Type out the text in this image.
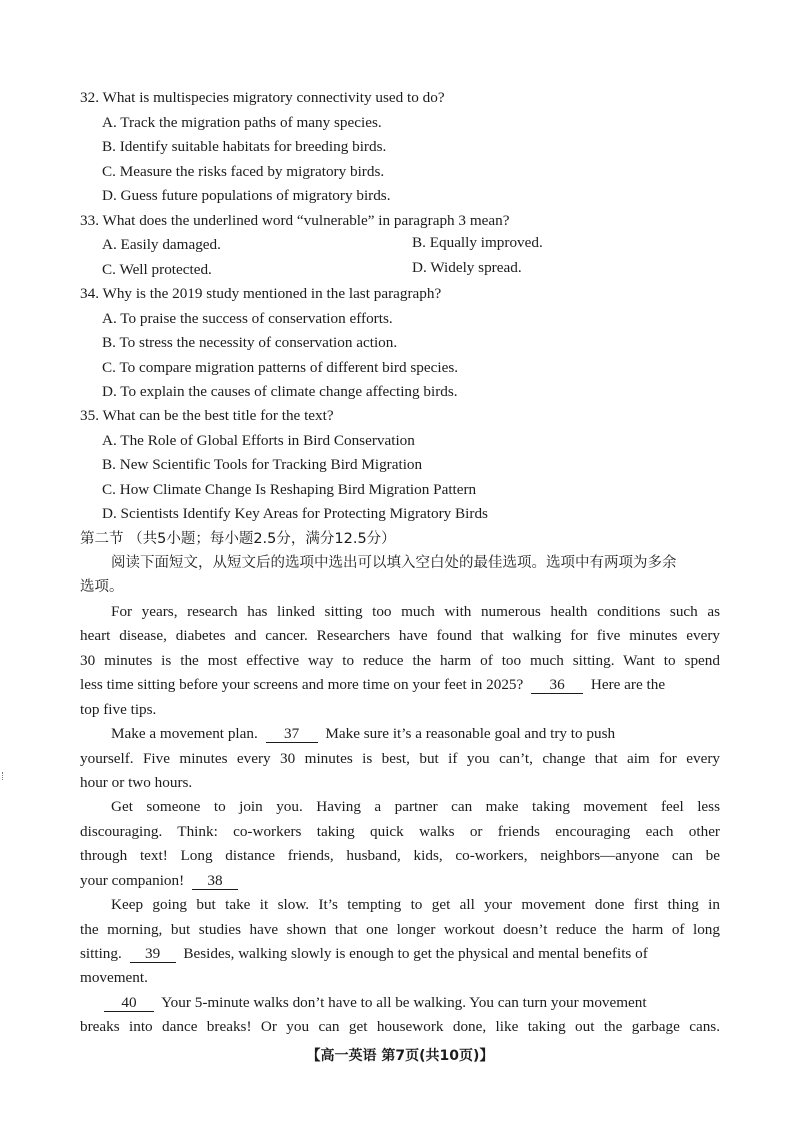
32. What is multispecies migratory connectivity used to do?
A. Track the migration paths of many species.
B. Identify suitable habitats for breeding birds.
C. Measure the risks faced by migratory birds.
D. Guess future populations of migratory birds.
33. What does the underlined word “vulnerable” in paragraph 3 mean?
A. Easily damaged.	B. Equally improved.
C. Well protected.	D. Widely spread.
34. Why is the 2019 study mentioned in the last paragraph?
A. To praise the success of conservation efforts.
B. To stress the necessity of conservation action.
C. To compare migration patterns of different bird species.
D. To explain the causes of climate change affecting birds.
35. What can be the best title for the text?
A. The Role of Global Efforts in Bird Conservation
B. New Scientific Tools for Tracking Bird Migration
C. How Climate Change Is Reshaping Bird Migration Pattern
D. Scientists Identify Key Areas for Protecting Migratory Birds
第二节 （共5小题；每小题2.5分，满分12.5分）
阅读下面短文，从短文后的选项中选出可以填入空白处的最佳选项。选项中有两项为多余
选项。
For years, research has linked sitting too much with numerous health conditions such as
heart disease, diabetes and cancer. Researchers have found that walking for five minutes every
30 minutes is the most effective way to reduce the harm of too much sitting. Want to spend
less time sitting before your screens and more time on your feet in 2025? 36 Here are the
top five tips.
Make a movement plan. 37 Make sure it’s a reasonable goal and try to push
yourself. Five minutes every 30 minutes is best, but if you can’t, change that aim for every
hour or two hours.
Get someone to join you. Having a partner can make taking movement feel less
discouraging. Think: co-workers taking quick walks or friends encouraging each other
through text! Long distance friends, husband, kids, co-workers, neighbors—anyone can be
your companion! 38
Keep going but take it slow. It’s tempting to get all your movement done first thing in
the morning, but studies have shown that one longer workout doesn’t reduce the harm of long
sitting. 39 Besides, walking slowly is enough to get the physical and mental benefits of
movement.
40 Your 5-minute walks don’t have to all be walking. You can turn your movement
breaks into dance breaks! Or you can get housework done, like taking out the garbage cans.
【高一英语 第7页(共10页)】
